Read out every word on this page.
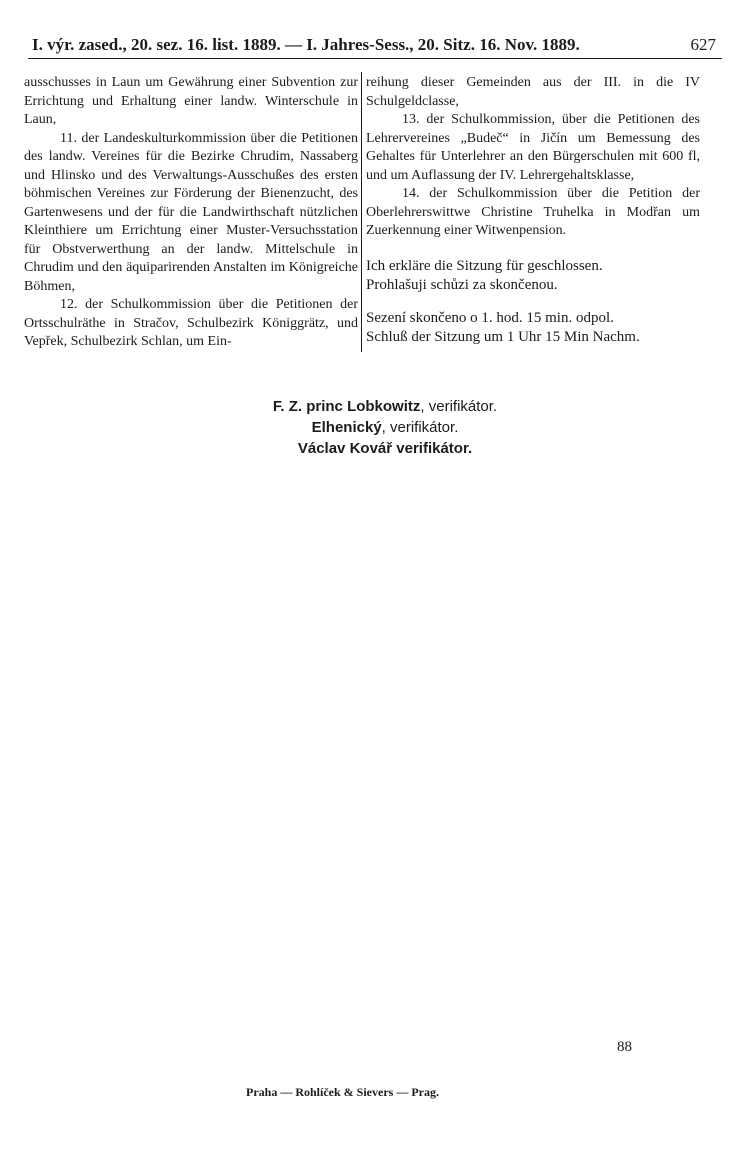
I. výr. zased., 20. sez. 16. list. 1889. — I. Jahres-Sess., 20. Sitz. 16. Nov. 1889.	627

ausschusses in Laun um Gewährung einer Subvention zur Errichtung und Erhaltung einer landw. Winterschule in Laun,

11. der Landeskulturkommission über die Petitionen des landw. Vereines für die Bezirke Chrudim, Nassaberg und Hlinsko und des Verwaltungs-Ausschußes des ersten böhmischen Vereines zur Förderung der Bienenzucht, des Gartenwesens und der für die Landwirthschaft nützlichen Kleinthiere um Errichtung einer Muster-Versuchsstation für Obstverwerthung an der landw. Mittelschule in Chrudim und den äquiparirenden Anstalten im Königreiche Böhmen,

12. der Schulkommission über die Petitionen der Ortsschulräthe in Stračov, Schulbezirk Königgrätz, und Vepřek, Schulbezirk Schlan, um Ein-

reihung dieser Gemeinden aus der III. in die IV Schulgeldclasse,

13. der Schulkommission, über die Petitionen des Lehrervereines „Budeč“ in Jičín um Bemessung des Gehaltes für Unterlehrer an den Bürgerschulen mit 600 fl, und um Auflassung der IV. Lehrergehaltsklasse,

14. der Schulkommission über die Petition der Oberlehrerswittwe Christine Truhelka in Modřan um Zuerkennung einer Witwenpension.

Ich erkläre die Sitzung für geschlossen.

Prohlašuji schůzi za skončenou.

Sezení skončeno o 1. hod. 15 min. odpol.

Schluß der Sitzung um 1 Uhr 15 Min Nachm.

F. Z. princ Lobkowitz, verifikátor.
Elhenický, verifikátor.
Václav Kovář verifikátor.
88
Praha — Rohlíček & Sievers — Prag.
